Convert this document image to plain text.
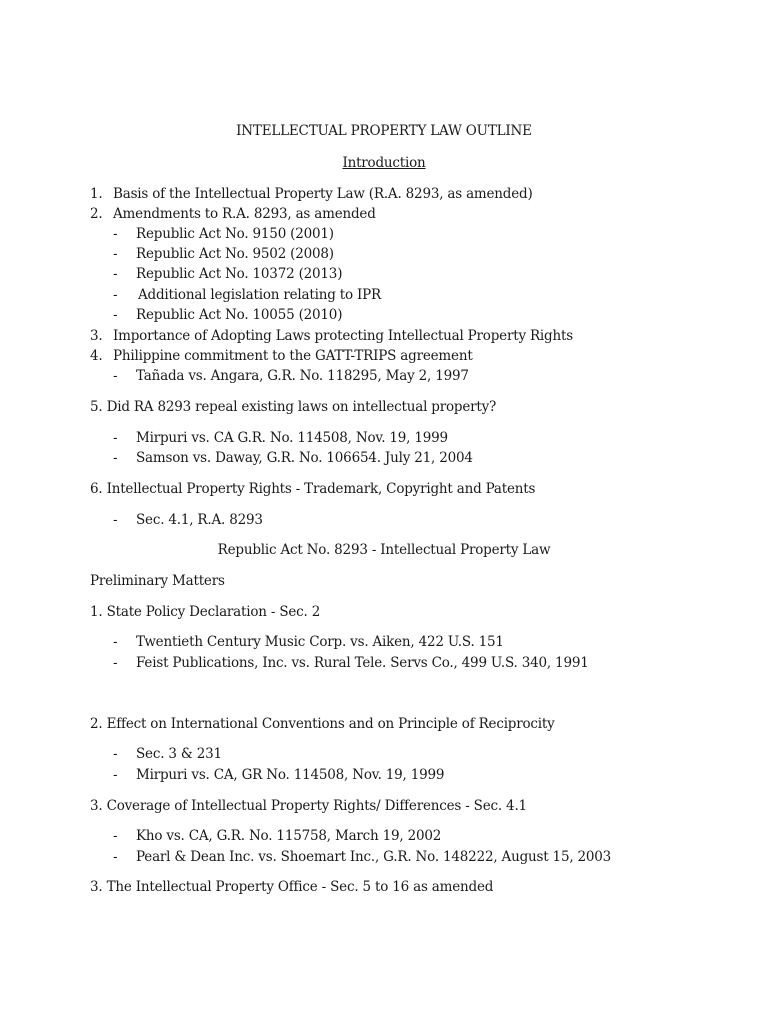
INTELLECTUAL PROPERTY LAW OUTLINE
Introduction
1. Basis of the Intellectual Property Law (R.A. 8293, as amended)
2. Amendments to R.A. 8293, as amended
- Republic Act No. 9150 (2001)
- Republic Act No. 9502 (2008)
- Republic Act No. 10372 (2013)
- Additional legislation relating to IPR
- Republic Act No. 10055 (2010)
3. Importance of Adopting Laws protecting Intellectual Property Rights
4. Philippine commitment to the GATT-TRIPS agreement
- Tañada vs. Angara, G.R. No. 118295, May 2, 1997
5. Did RA 8293 repeal existing laws on intellectual property?
- Mirpuri vs. CA G.R. No. 114508, Nov. 19, 1999
- Samson vs. Daway, G.R. No. 106654. July 21, 2004
6. Intellectual Property Rights - Trademark, Copyright and Patents
- Sec. 4.1, R.A. 8293
Republic Act No. 8293 - Intellectual Property Law
Preliminary Matters
1. State Policy Declaration - Sec. 2
- Twentieth Century Music Corp. vs. Aiken, 422 U.S. 151
- Feist Publications, Inc. vs. Rural Tele. Servs Co., 499 U.S. 340, 1991
2. Effect on International Conventions and on Principle of Reciprocity
- Sec. 3 & 231
- Mirpuri vs. CA, GR No. 114508, Nov. 19, 1999
3. Coverage of Intellectual Property Rights/ Differences - Sec. 4.1
- Kho vs. CA, G.R. No. 115758, March 19, 2002
- Pearl & Dean Inc. vs. Shoemart Inc., G.R. No. 148222, August 15, 2003
3. The Intellectual Property Office - Sec. 5 to 16 as amended
